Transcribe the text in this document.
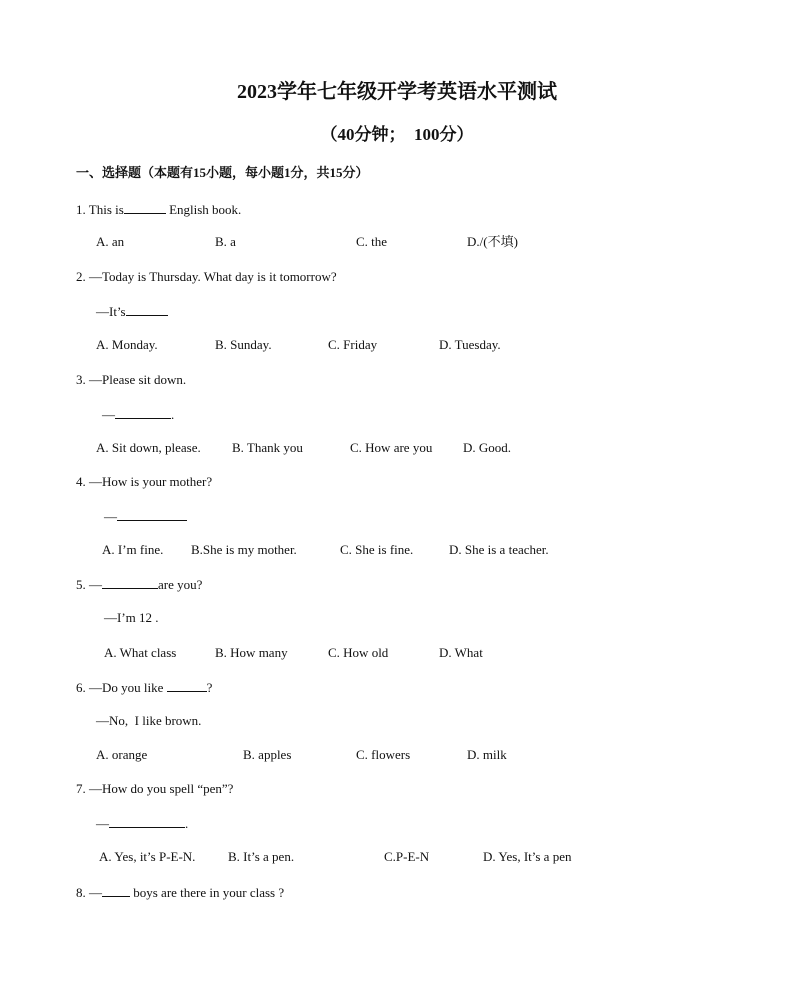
2023学年七年级开学考英语水平测试
（40分钟；　100分）
一、选择题（本题有15小题，每小题1分，共15分）
1. This is	English book.
A. an	B. a	C. the	D./(不填)
2. —Today is Thursday. What day is it tomorrow?
—It’s
A. Monday.	B. Sunday.	C. Friday	D. Tuesday.
3. —Please sit down.
—	.
A. Sit down, please. B. Thank you	C. How are you D. Good.
4. —How is your mother?
—
A. I’m fine. B.She is my mother.	C. She is fine.	D. She is a teacher.
5. —	are you?
—I’m 12 .
A. What class	B. How many	C. How old	D. What
6. —Do you like	?
—No,  I like brown.
A. orange	B. apples	C. flowers	D. milk
7. —How do you spell “pen”?
—	.
A. Yes, it’s P-E-N.	B. It’s a pen.	C.P-E-N	D. Yes, It’s a pen
8. — boys are there in your class ?
